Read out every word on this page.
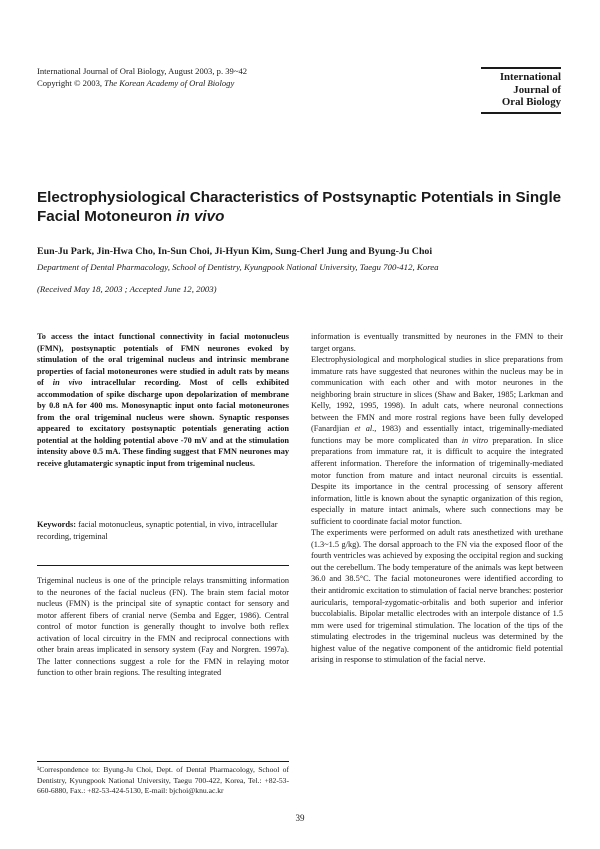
International Journal of Oral Biology, August 2003, p. 39~42
Copyright © 2003, The Korean Academy of Oral Biology	International
Journal of
Oral Biology
Electrophysiological Characteristics of Postsynaptic Potentials in Single Facial Motoneuron in vivo
Eun-Ju Park, Jin-Hwa Cho, In-Sun Choi, Ji-Hyun Kim, Sung-Cherl Jung and Byung-Ju Choi
Department of Dental Pharmacology, School of Dentistry, Kyungpook National University, Taegu 700-412, Korea
(Received May 18, 2003 ; Accepted June 12, 2003)

To access the intact functional connectivity in facial motonucleus (FMN), postsynaptic potentials of FMN neurones evoked by stimulation of the oral trigeminal nucleus and intrinsic membrane properties of facial motoneurones were studied in adult rats by means of in vivo intracellular recording. Most of cells exhibited accommodation of spike discharge upon depolarization of membrane by 0.8 nA for 400 ms. Monosynaptic input onto facial motoneurones from the oral trigeminal nucleus were shown. Synaptic responses appeared to excitatory postsynaptic potentials generating action potential at the holding potential above -70 mV and at the stimulation intensity above 0.5 mA. These finding suggest that FMN neurones may receive glutamatergic synaptic input from trigeminal nucleus.

Keywords: facial motonucleus, synaptic potential, in vivo, intracellular recording, trigeminal

Trigeminal nucleus is one of the principle relays transmitting information to the neurones of the facial nucleus (FN). The brain stem facial motor nucleus (FMN) is the principal site of synaptic contact for sensory and motor afferent fibers of cranial nerve (Semba and Egger, 1986). Central control of motor function is generally thought to involve both reflex activation of local circuitry in the FMN and reciprocal connections with other brain areas implicated in sensory system (Fay and Norgren. 1997a). The latter connections suggest a role for the FMN in relaying motor function to other brain regions. The resulting integrated

¹Correspondence to: Byung-Ju Choi, Dept. of Dental Pharmacology, School of Dentistry, Kyungpook National University, Taegu 700-422, Korea, Tel.: +82-53-660-6880, Fax.: +82-53-424-5130, E-mail: bjchoi@knu.ac.kr

information is eventually transmitted by neurones in the FMN to their target organs.

Electrophysiological and morphological studies in slice preparations from immature rats have suggested that neurones within the nucleus may be in communication with each other and with motor neurones in the neighboring brain structure in slices (Shaw and Baker, 1985; Larkman and Kelly, 1992, 1995, 1998). In adult cats, where neuronal connections between the FMN and more rostral regions have been fully developed (Fanardjian et al., 1983) and essentially intact, trigeminally-mediated functions may be more complicated than in vitro preparation. In slice preparations from immature rat, it is difficult to acquire the integrated afferent information. Therefore the information of trigeminally-mediated motor function from mature and intact neuronal circuits is essential. Despite its importance in the central processing of sensory afferent information, little is known about the synaptic organization of this region, especially in mature intact animals, where such connections may be sufficient to coordinate facial motor function.

The experiments were performed on adult rats anesthetized with urethane (1.3~1.5 g/kg). The dorsal approach to the FN via the exposed floor of the fourth ventricles was achieved by exposing the occipital region and sucking out the cerebellum. The body temperature of the animals was kept between 36.0 and 38.5°C. The facial motoneurones were identified according to their antidromic excitation to stimulation of facial nerve branches: posterior auricularis, temporal-zygomatic-orbitalis and both superior and inferior buccolabialis. Bipolar metallic electrodes with an interpole distance of 1.5 mm were used for trigeminal stimulation. The location of the tips of the stimulating electrodes in the trigeminal nucleus was determined by the highest value of the negative component of the antidromic field potential arising in response to stimulation of the facial nerve.

39
